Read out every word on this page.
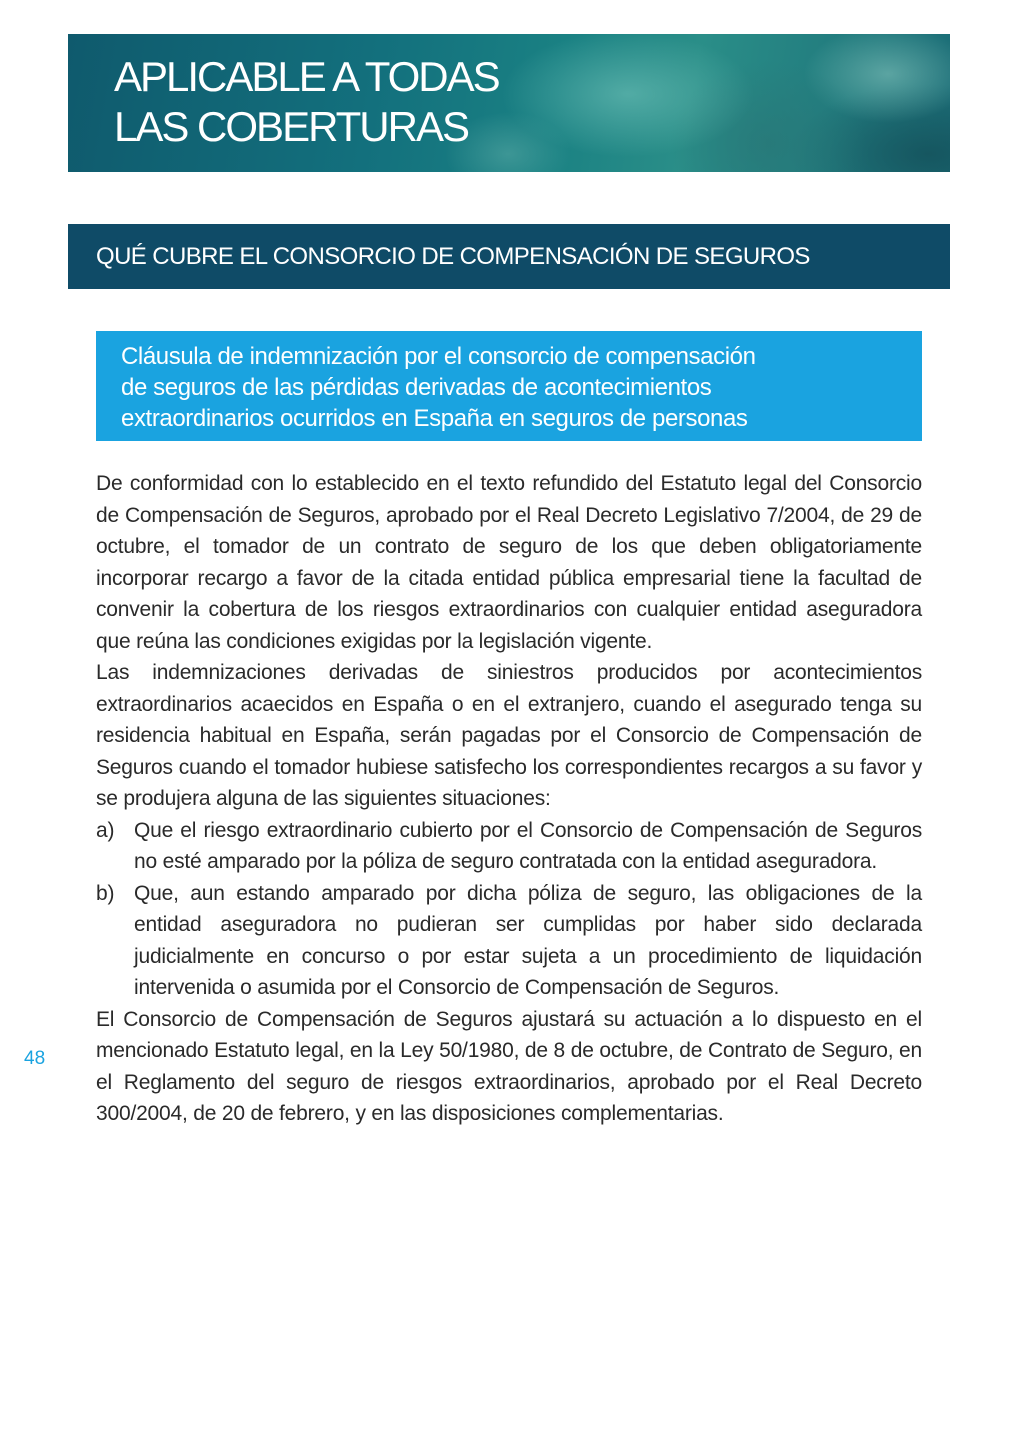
APLICABLE A TODAS
LAS COBERTURAS
QUÉ CUBRE EL CONSORCIO DE COMPENSACIÓN DE SEGUROS
Cláusula de indemnización por el consorcio de compensación
de seguros de las pérdidas derivadas de acontecimientos
extraordinarios ocurridos en España en seguros de personas

De conformidad con lo establecido en el texto refundido del Estatuto legal del Consorcio de Compensación de Seguros, aprobado por el Real Decreto Legislativo 7/2004, de 29 de octubre, el tomador de un contrato de seguro de los que deben obligatoriamente incorporar recargo a favor de la citada entidad pública empresarial tiene la facultad de convenir la cobertura de los riesgos extraordinarios con cualquier entidad aseguradora que reúna las condiciones exigidas por la legislación vigente.

Las indemnizaciones derivadas de siniestros producidos por acontecimientos extraordinarios acaecidos en España o en el extranjero, cuando el asegurado tenga su residencia habitual en España, serán pagadas por el Consorcio de Compensación de Seguros cuando el tomador hubiese satisfecho los correspondientes recargos a su favor y se produjera alguna de las siguientes situaciones:

a) Que el riesgo extraordinario cubierto por el Consorcio de Compensación de Seguros no esté amparado por la póliza de seguro contratada con la entidad aseguradora.
b) Que, aun estando amparado por dicha póliza de seguro, las obligaciones de la entidad aseguradora no pudieran ser cumplidas por haber sido declarada judicialmente en concurso o por estar sujeta a un procedimiento de liquidación intervenida o asumida por el Consorcio de Compensación de Seguros.

El Consorcio de Compensación de Seguros ajustará su actuación a lo dispuesto en el mencionado Estatuto legal, en la Ley 50/1980, de 8 de octubre, de Contrato de Seguro, en el Reglamento del seguro de riesgos extraordinarios, aprobado por el Real Decreto 300/2004, de 20 de febrero, y en las disposiciones complementarias.

48
